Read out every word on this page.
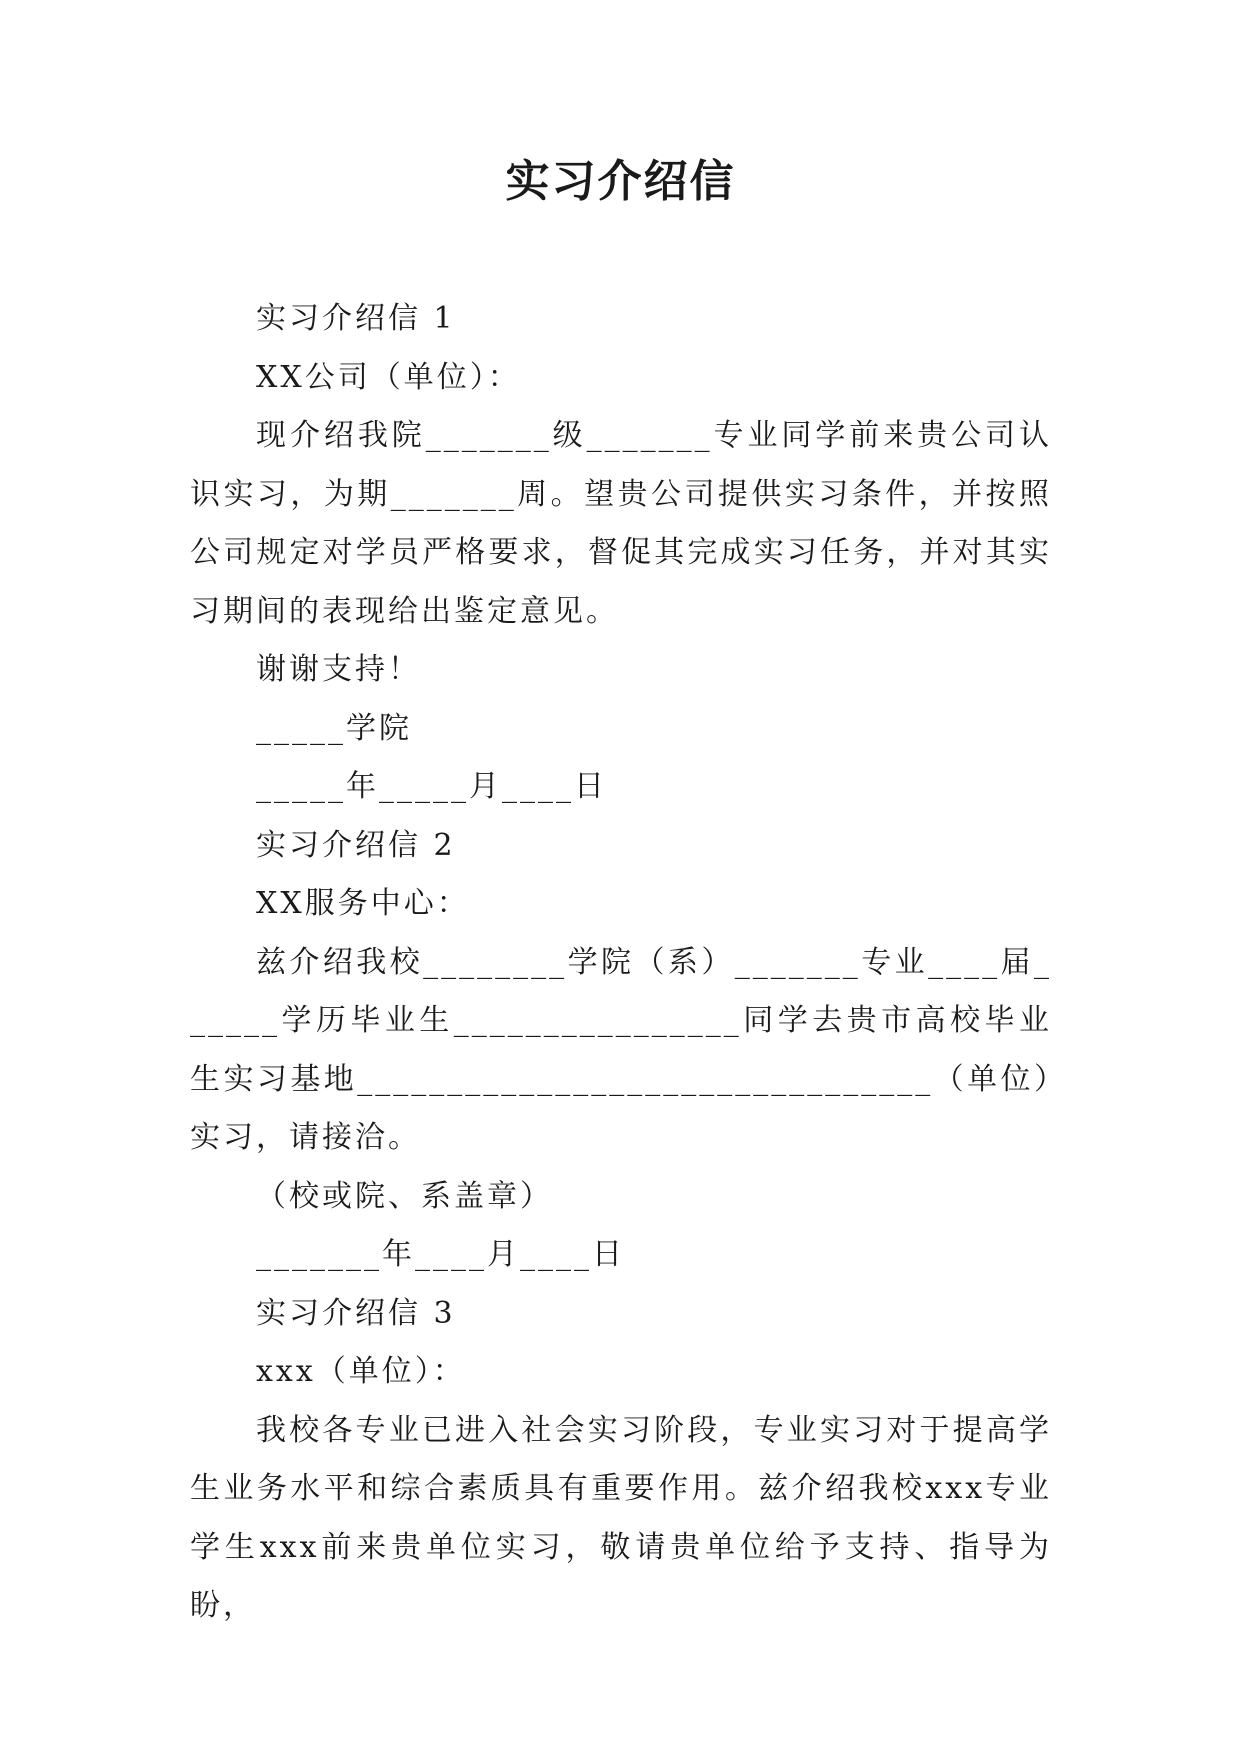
实习介绍信

实习介绍信 1

XX公司（单位）：

现介绍我院_______级_______专业同学前来贵公司认识实习，为期_______周。望贵公司提供实习条件，并按照公司规定对学员严格要求，督促其完成实习任务，并对其实习期间的表现给出鉴定意见。

谢谢支持！

_____学院

_____年_____月____日

实习介绍信 2

XX服务中心：

兹介绍我校________学院（系）_______专业____届______学历毕业生________________同学去贵市高校毕业生实习基地________________________________（单位）实习，请接洽。

（校或院、系盖章）

_______年____月____日

实习介绍信 3

xxx（单位）：

我校各专业已进入社会实习阶段，专业实习对于提高学生业务水平和综合素质具有重要作用。兹介绍我校xxx专业学生xxx前来贵单位实习，敬请贵单位给予支持、指导为盼，
